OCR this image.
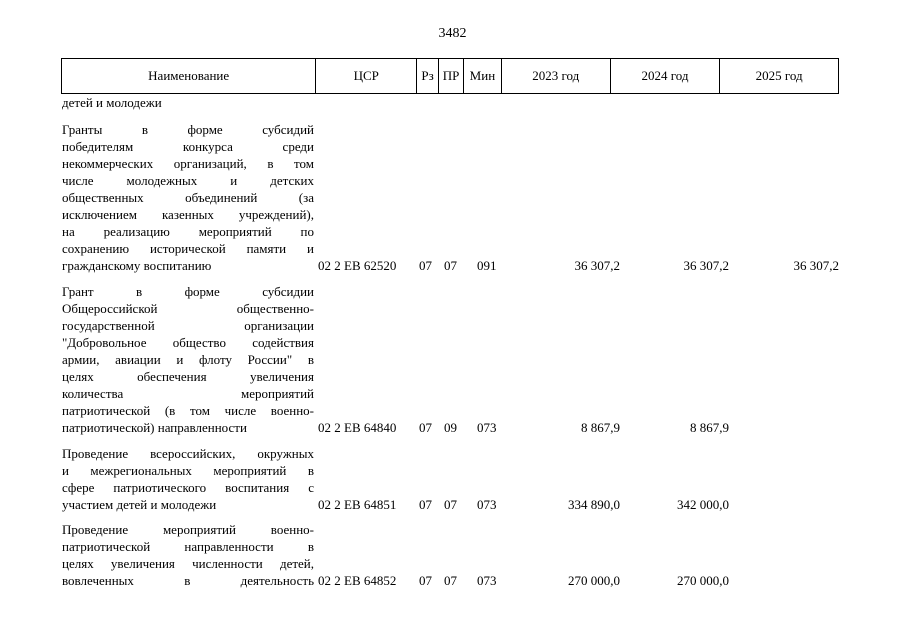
3482
Наименование	ЦСР	Рз ПР Мин	2023 год	2024 год	2025 год
детей и молодежи
Гранты в форме субсидий
победителям конкурса среди
некоммерческих организаций, в том
числе молодежных и детских
общественных объединений (за
исключением казенных учреждений),
на реализацию мероприятий по
сохранению исторической памяти и
гражданскому воспитанию	02 2 ЕВ 62520 07 07 091	36 307,2	36 307,2	36 307,2
Грант в форме субсидии
Общероссийской общественно-
государственной организации
"Добровольное общество содействия
армии, авиации и флоту России" в
целях обеспечения увеличения
количества мероприятий
патриотической (в том числе военно-
патриотической) направленности	02 2 ЕВ 64840 07 09 073	8 867,9	8 867,9
Проведение всероссийских, окружных
и межрегиональных мероприятий в
сфере патриотического воспитания с
участием детей и молодежи	02 2 ЕВ 64851 07 07 073	334 890,0	342 000,0
Проведение мероприятий военно-
патриотической направленности в
целях увеличения численности детей,
вовлеченных в деятельность 02 2 ЕВ 64852 07 07 073	270 000,0	270 000,0
